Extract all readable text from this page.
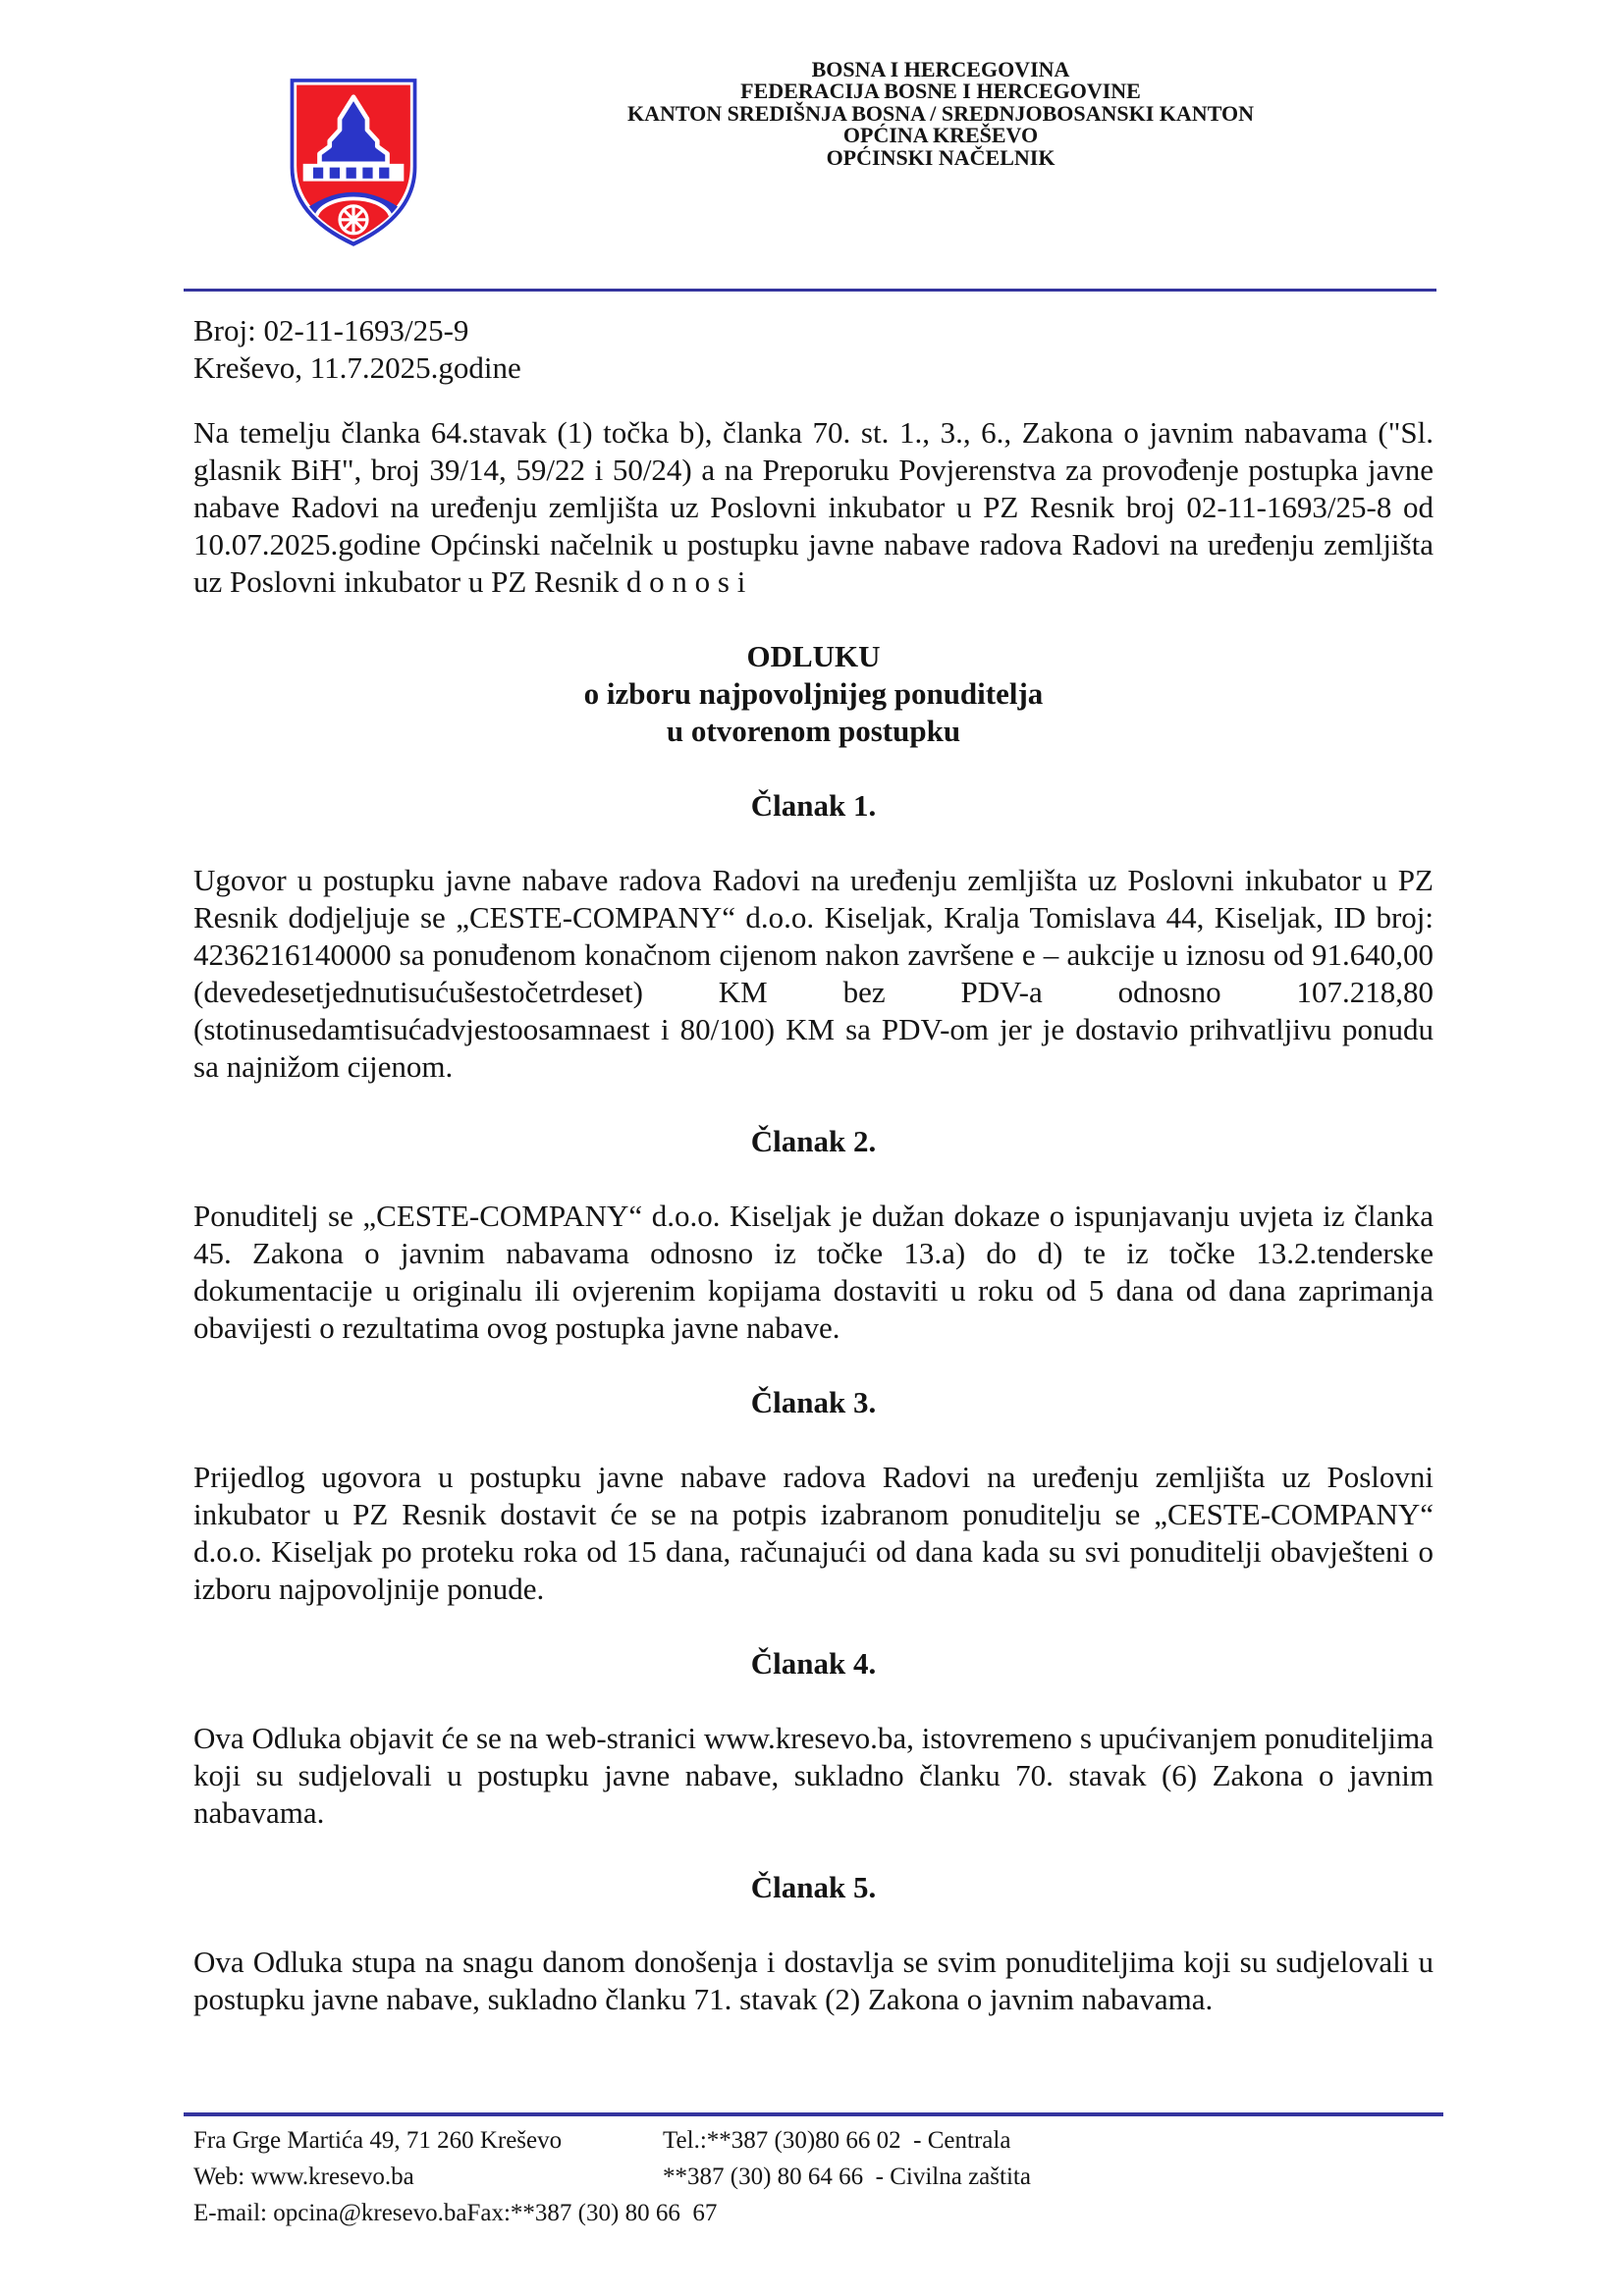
BOSNA I HERCEGOVINA
FEDERACIJA BOSNE I HERCEGOVINE
KANTON SREDIŠNJA BOSNA / SREDNJOBOSANSKI KANTON
OPĆINA KREŠEVO
OPĆINSKI NAČELNIK
Broj: 02-11-1693/25-9
Kreševo, 11.7.2025.godine
Na temelju članka 64.stavak (1) točka b), članka 70. st. 1., 3., 6., Zakona o javnim nabavama ("Sl. glasnik BiH", broj 39/14, 59/22 i 50/24) a na Preporuku Povjerenstva za provođenje postupka javne nabave Radovi na uređenju zemljišta uz Poslovni inkubator u PZ Resnik broj 02-11-1693/25-8 od 10.07.2025.godine Općinski načelnik u postupku javne nabave radova Radovi na uređenju zemljišta uz Poslovni inkubator u PZ Resnik d o n o s i
ODLUKU
o izboru najpovoljnijeg ponuditelja
u otvorenom postupku
Članak 1.
Ugovor u postupku javne nabave radova Radovi na uređenju zemljišta uz Poslovni inkubator u PZ Resnik dodjeljuje se „CESTE-COMPANY“ d.o.o. Kiseljak, Kralja Tomislava 44, Kiseljak, ID broj: 4236216140000 sa ponuđenom konačnom cijenom nakon završene e – aukcije u iznosu od 91.640,00 (devedesetjednutisućušestočetrdeset) KM bez PDV-a odnosno 107.218,80 (stotinusedamtisućadvjestoosamnaest i 80/100) KM sa PDV-om jer je dostavio prihvatljivu ponudu sa najnižom cijenom.
Članak 2.
Ponuditelj se „CESTE-COMPANY“ d.o.o. Kiseljak je dužan dokaze o ispunjavanju uvjeta iz članka 45. Zakona o javnim nabavama odnosno iz točke 13.a) do d) te iz točke 13.2.tenderske dokumentacije u originalu ili ovjerenim kopijama dostaviti u roku od 5 dana od dana zaprimanja obavijesti o rezultatima ovog postupka javne nabave.
Članak 3.
Prijedlog ugovora u postupku javne nabave radova Radovi na uređenju zemljišta uz Poslovni inkubator u PZ Resnik dostavit će se na potpis izabranom ponuditelju se „CESTE-COMPANY“ d.o.o. Kiseljak po proteku roka od 15 dana, računajući od dana kada su svi ponuditelji obavješteni o izboru najpovoljnije ponude.
Članak 4.
Ova Odluka objavit će se na web-stranici www.kresevo.ba, istovremeno s upućivanjem ponuditeljima koji su sudjelovali u postupku javne nabave, sukladno članku 70. stavak (6) Zakona o javnim nabavama.
Članak 5.
Ova Odluka stupa na snagu danom donošenja i dostavlja se svim ponuditeljima koji su sudjelovali u postupku javne nabave, sukladno članku 71. stavak (2) Zakona o javnim nabavama.
Fra Grge Martića 49, 71 260 Kreševo	Tel.:**387 (30)80 66 02  - Centrala
Web: www.kresevo.ba	**387 (30) 80 64 66  - Civilna zaštita
E-mail: opcina@kresevo.baFax:**387 (30) 80 66  67
